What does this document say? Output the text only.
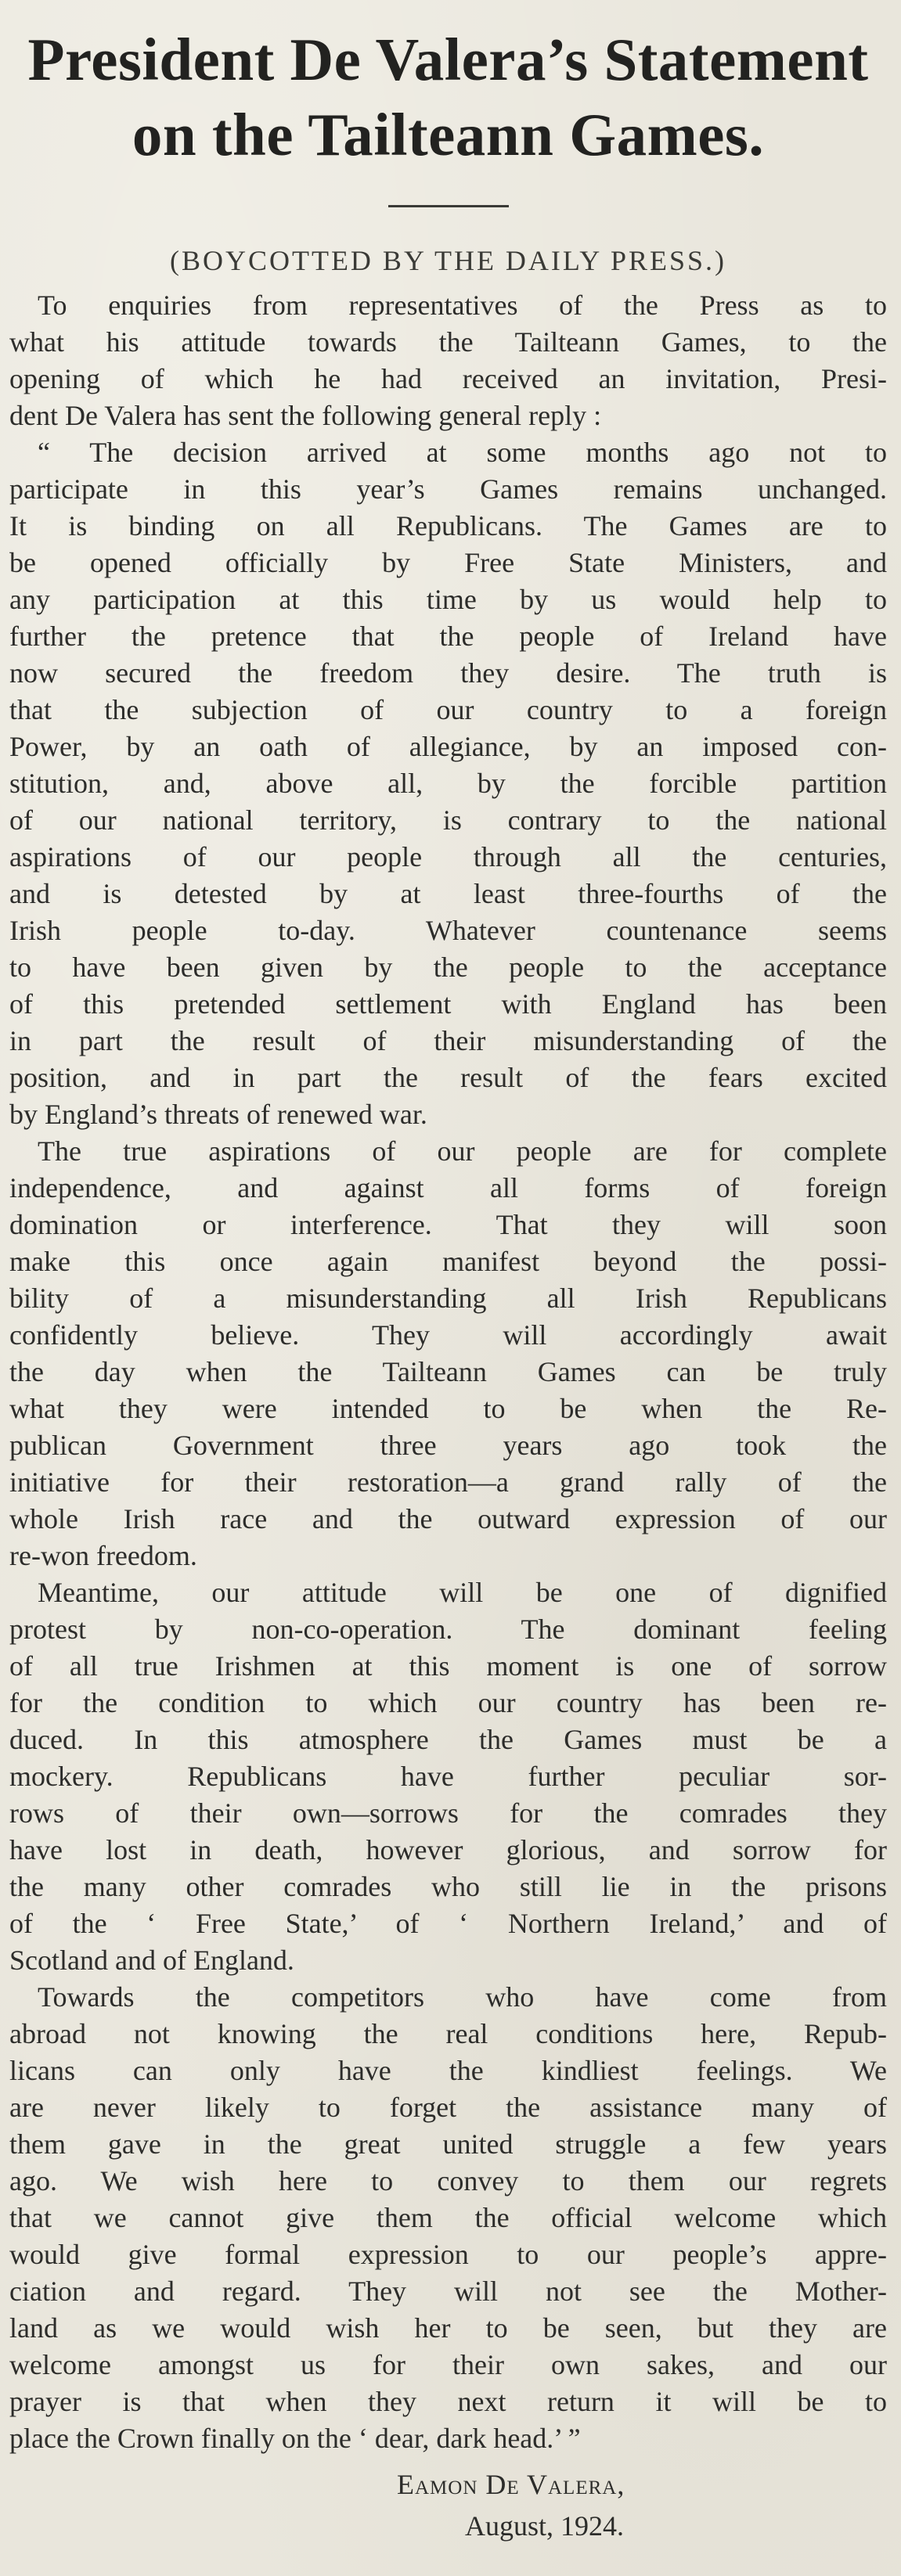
President De Valera’s Statement
on the Tailteann Games.
(BOYCOTTED BY THE DAILY PRESS.)

To enquiries from representatives of the Press as to
what his attitude towards the Tailteann Games, to the
opening of which he had received an invitation, Presi-
dent De Valera has sent the following general reply :

“ The decision arrived at some months ago not to
participate in this year’s Games remains unchanged.
It is binding on all Republicans. The Games are to
be opened officially by Free State Ministers, and
any participation at this time by us would help to
further the pretence that the people of Ireland have
now secured the freedom they desire. The truth is
that the subjection of our country to a foreign
Power, by an oath of allegiance, by an imposed con-
stitution, and, above all, by the forcible partition
of our national territory, is contrary to the national
aspirations of our people through all the centuries,
and is detested by at least three-fourths of the
Irish people to-day. Whatever countenance seems
to have been given by the people to the acceptance
of this pretended settlement with England has been
in part the result of their misunderstanding of the
position, and in part the result of the fears excited
by England’s threats of renewed war.

The true aspirations of our people are for complete
independence, and against all forms of foreign
domination or interference. That they will soon
make this once again manifest beyond the possi-
bility of a misunderstanding all Irish Republicans
confidently believe. They will accordingly await
the day when the Tailteann Games can be truly
what they were intended to be when the Re-
publican Government three years ago took the
initiative for their restoration—a grand rally of the
whole Irish race and the outward expression of our
re-won freedom.

Meantime, our attitude will be one of dignified
protest by non-co-operation. The dominant feeling
of all true Irishmen at this moment is one of sorrow
for the condition to which our country has been re-
duced. In this atmosphere the Games must be a
mockery. Republicans have further peculiar sor-
rows of their own—sorrows for the comrades they
have lost in death, however glorious, and sorrow for
the many other comrades who still lie in the prisons
of the ‘ Free State,’ of ‘ Northern Ireland,’ and of
Scotland and of England.

Towards the competitors who have come from
abroad not knowing the real conditions here, Repub-
licans can only have the kindliest feelings. We
are never likely to forget the assistance many of
them gave in the great united struggle a few years
ago. We wish here to convey to them our regrets
that we cannot give them the official welcome which
would give formal expression to our people’s appre-
ciation and regard. They will not see the Mother-
land as we would wish her to be seen, but they are
welcome amongst us for their own sakes, and our
prayer is that when they next return it will be to
place the Crown finally on the ‘ dear, dark head.’ ”

Eamon De Valera,
August, 1924.
